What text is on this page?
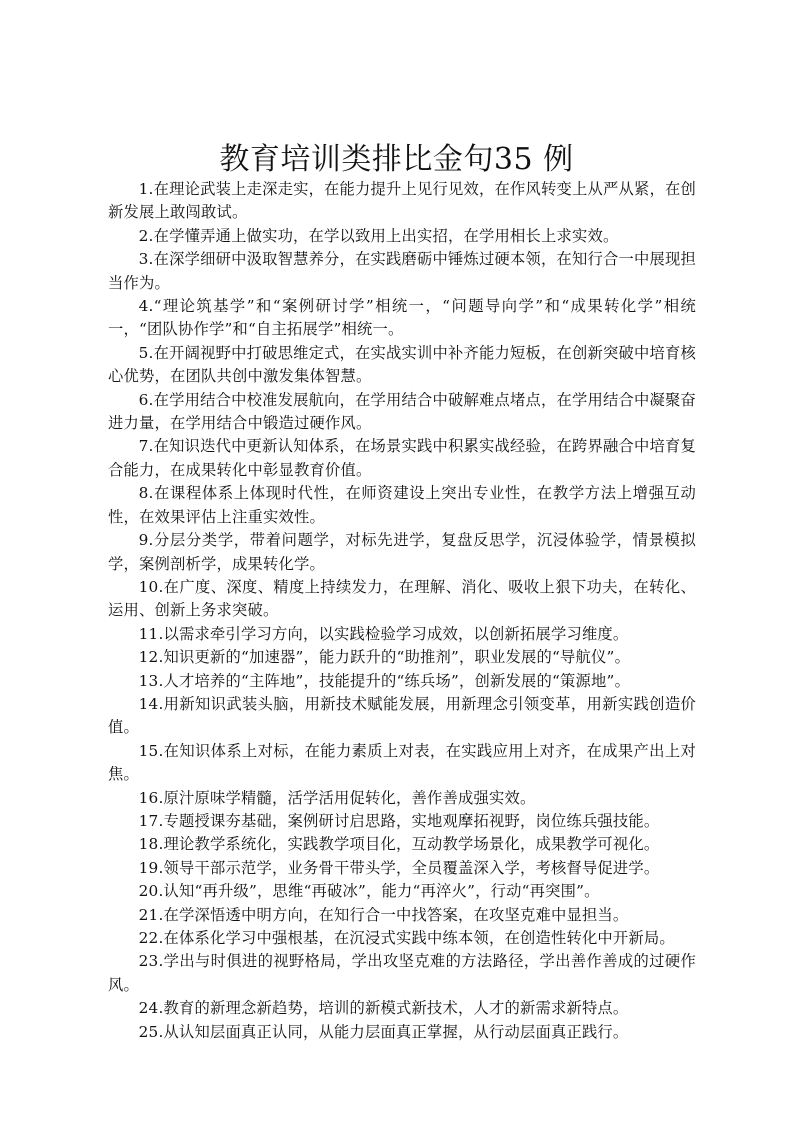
教育培训类排比金句35 例

1.在理论武装上走深走实，在能力提升上见行见效，在作风转变上从严从紧，在创新发展上敢闯敢试。

2.在学懂弄通上做实功，在学以致用上出实招，在学用相长上求实效。

3.在深学细研中汲取智慧养分，在实践磨砺中锤炼过硬本领，在知行合一中展现担当作为。

4.“理论筑基学”和“案例研讨学”相统一，“问题导向学”和“成果转化学”相统一，“团队协作学”和“自主拓展学”相统一。

5.在开阔视野中打破思维定式，在实战实训中补齐能力短板，在创新突破中培育核心优势，在团队共创中激发集体智慧。

6.在学用结合中校准发展航向，在学用结合中破解难点堵点，在学用结合中凝聚奋进力量，在学用结合中锻造过硬作风。

7.在知识迭代中更新认知体系，在场景实践中积累实战经验，在跨界融合中培育复合能力，在成果转化中彰显教育价值。

8.在课程体系上体现时代性，在师资建设上突出专业性，在教学方法上增强互动性，在效果评估上注重实效性。

9.分层分类学，带着问题学，对标先进学，复盘反思学，沉浸体验学，情景模拟学，案例剖析学，成果转化学。

10.在广度、深度、精度上持续发力，在理解、消化、吸收上狠下功夫，在转化、运用、创新上务求突破。

11.以需求牵引学习方向，以实践检验学习成效，以创新拓展学习维度。

12.知识更新的“加速器”，能力跃升的“助推剂”，职业发展的“导航仪”。

13.人才培养的“主阵地”，技能提升的“练兵场”，创新发展的“策源地”。

14.用新知识武装头脑，用新技术赋能发展，用新理念引领变革，用新实践创造价值。

15.在知识体系上对标，在能力素质上对表，在实践应用上对齐，在成果产出上对焦。

16.原汁原味学精髓，活学活用促转化，善作善成强实效。

17.专题授课夯基础，案例研讨启思路，实地观摩拓视野，岗位练兵强技能。

18.理论教学系统化，实践教学项目化，互动教学场景化，成果教学可视化。

19.领导干部示范学，业务骨干带头学，全员覆盖深入学，考核督导促进学。

20.认知“再升级”，思维“再破冰”，能力“再淬火”，行动“再突围”。

21.在学深悟透中明方向，在知行合一中找答案，在攻坚克难中显担当。

22.在体系化学习中强根基，在沉浸式实践中练本领，在创造性转化中开新局。

23.学出与时俱进的视野格局，学出攻坚克难的方法路径，学出善作善成的过硬作风。

24.教育的新理念新趋势，培训的新模式新技术，人才的新需求新特点。

25.从认知层面真正认同，从能力层面真正掌握，从行动层面真正践行。
